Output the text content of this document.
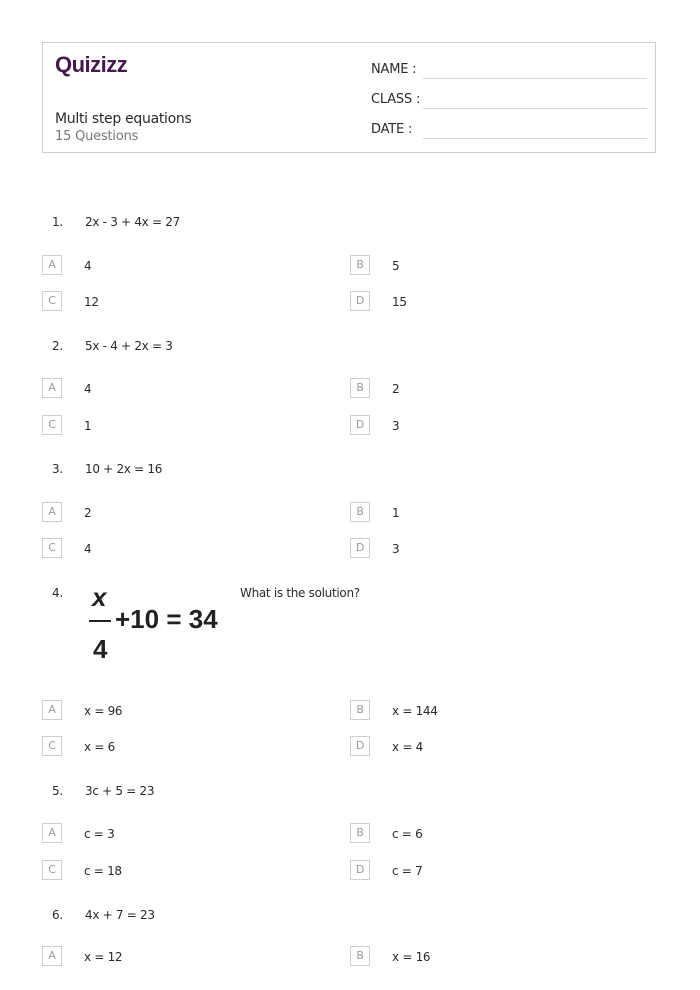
Quizizz
Multi step equations
15 Questions
NAME :
CLASS :
DATE :
1. 2x - 3 + 4x = 27
A	4	B	5
C	12	D	15
2. 5x - 4 + 2x = 3
A	4	B	2
C	1	D	3
3. 10 + 2x = 16
A	2	B	1
C	4	D	3
4. x
4
+10 = 34
What is the solution?
A	x = 96	B	x = 144
C	x = 6	D	x = 4
5. 3c + 5 = 23
A	c = 3	B	c = 6
C	c = 18	D	c = 7
6. 4x + 7 = 23
A	x = 12	B	x = 16
